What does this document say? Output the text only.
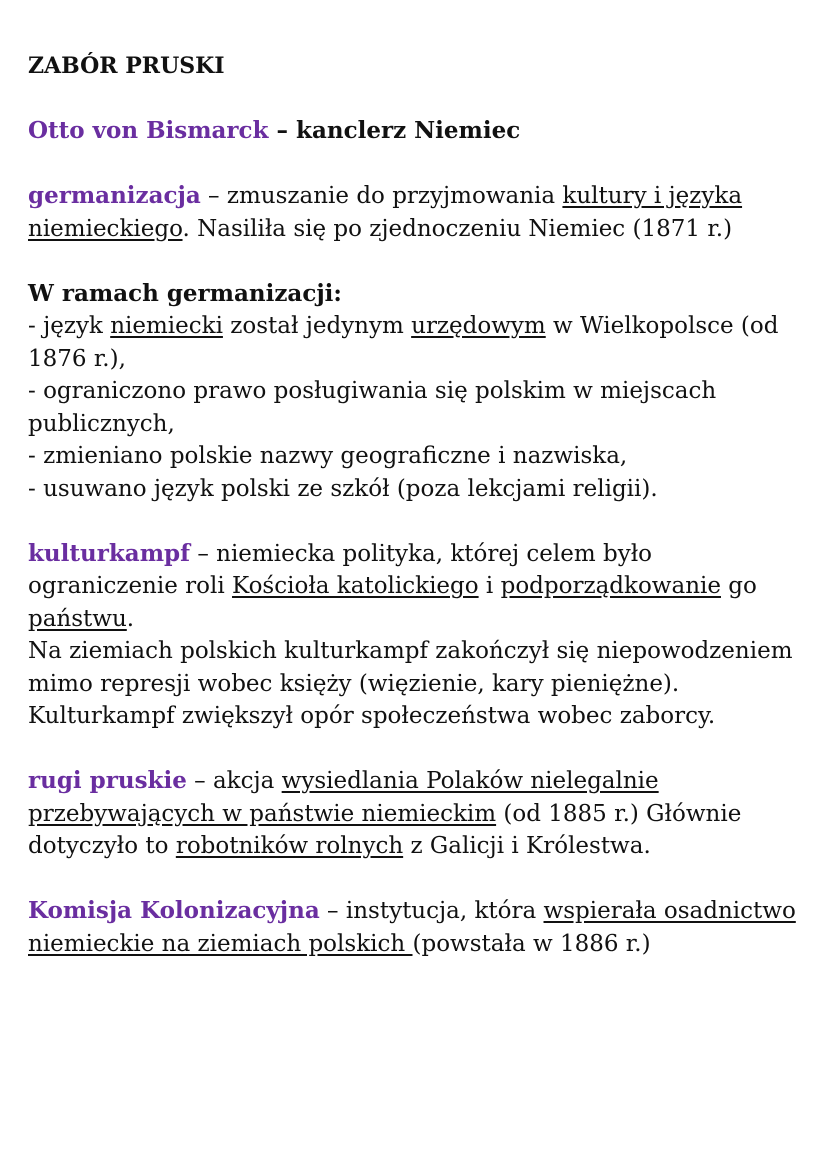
ZABÓR PRUSKI

Otto von Bismarck – kanclerz Niemiec

germanizacja – zmuszanie do przyjmowania kultury i języka niemieckiego. Nasiliła się po zjednoczeniu Niemiec (1871 r.)

W ramach germanizacji:

- język niemiecki został jedynym urzędowym w Wielkopolsce (od 1876 r.),

- ograniczono prawo posługiwania się polskim w miejscach publicznych,

- zmieniano polskie nazwy geograficzne i nazwiska,

- usuwano język polski ze szkół (poza lekcjami religii).

kulturkampf – niemiecka polityka, której celem było ograniczenie roli Kościoła katolickiego i podporządkowanie go państwu.

Na ziemiach polskich kulturkampf zakończył się niepowodzeniem mimo represji wobec księży (więzienie, kary pieniężne). Kulturkampf zwiększył opór społeczeństwa wobec zaborcy.

rugi pruskie – akcja wysiedlania Polaków nielegalnie przebywających w państwie niemieckim (od 1885 r.) Głównie dotyczyło to robotników rolnych z Galicji i Królestwa.

Komisja Kolonizacyjna – instytucja, która wspierała osadnictwo niemieckie na ziemiach polskich (powstała w 1886 r.)
